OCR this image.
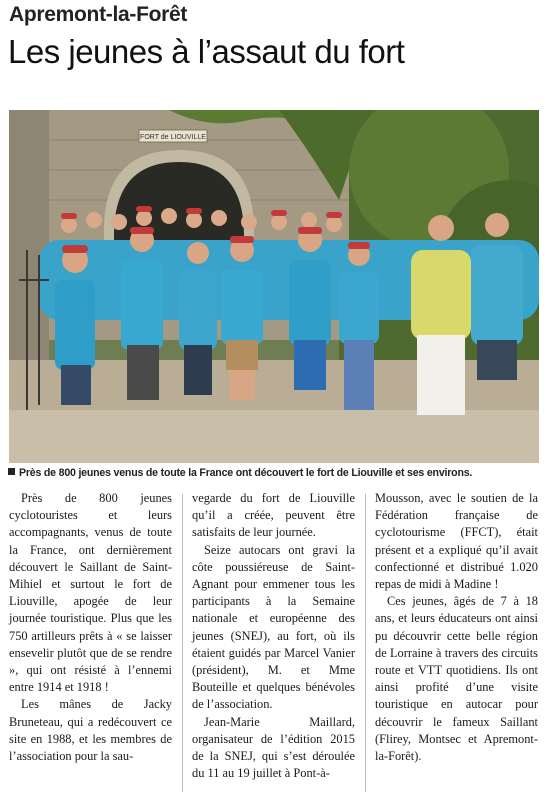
Apremont-la-Forêt
Les jeunes à l’assaut du fort
FORT de LIOUVILLE
Près de 800 jeunes venus de toute la France ont découvert le fort de Liouville et ses environs.

Près de 800 jeunes cyclotouristes et leurs accompagnants, venus de toute la France, ont dernièrement découvert le Saillant de Saint-Mihiel et surtout le fort de Liouville, apogée de leur journée touristique. Plus que les 750 artilleurs prêts à « se laisser ensevelir plutôt que de se rendre », qui ont résisté à l’ennemi entre 1914 et 1918 !

Les mânes de Jacky Bruneteau, qui a redécouvert ce site en 1988, et les membres de l’association pour la sau-

vegarde du fort de Liouville qu’il a créée, peuvent être satisfaits de leur journée.

Seize autocars ont gravi la côte poussiéreuse de Saint-Agnant pour emmener tous les participants à la Semaine nationale et européenne des jeunes (SNEJ), au fort, où ils étaient guidés par Marcel Vanier (président), M. et Mme Bouteille et quelques bénévoles de l’association.

Jean-Marie Maillard, organisateur de l’édition 2015 de la SNEJ, qui s’est déroulée du 11 au 19 juillet à Pont-à-

Mousson, avec le soutien de la Fédération française de cyclotourisme (FFCT), était présent et a expliqué qu’il avait confectionné et distribué 1.020 repas de midi à Madine !

Ces jeunes, âgés de 7 à 18 ans, et leurs éducateurs ont ainsi pu découvrir cette belle région de Lorraine à travers des circuits route et VTT quotidiens. Ils ont ainsi profité d’une visite touristique en autocar pour découvrir le fameux Saillant (Flirey, Montsec et Apremont-la-Forêt).
